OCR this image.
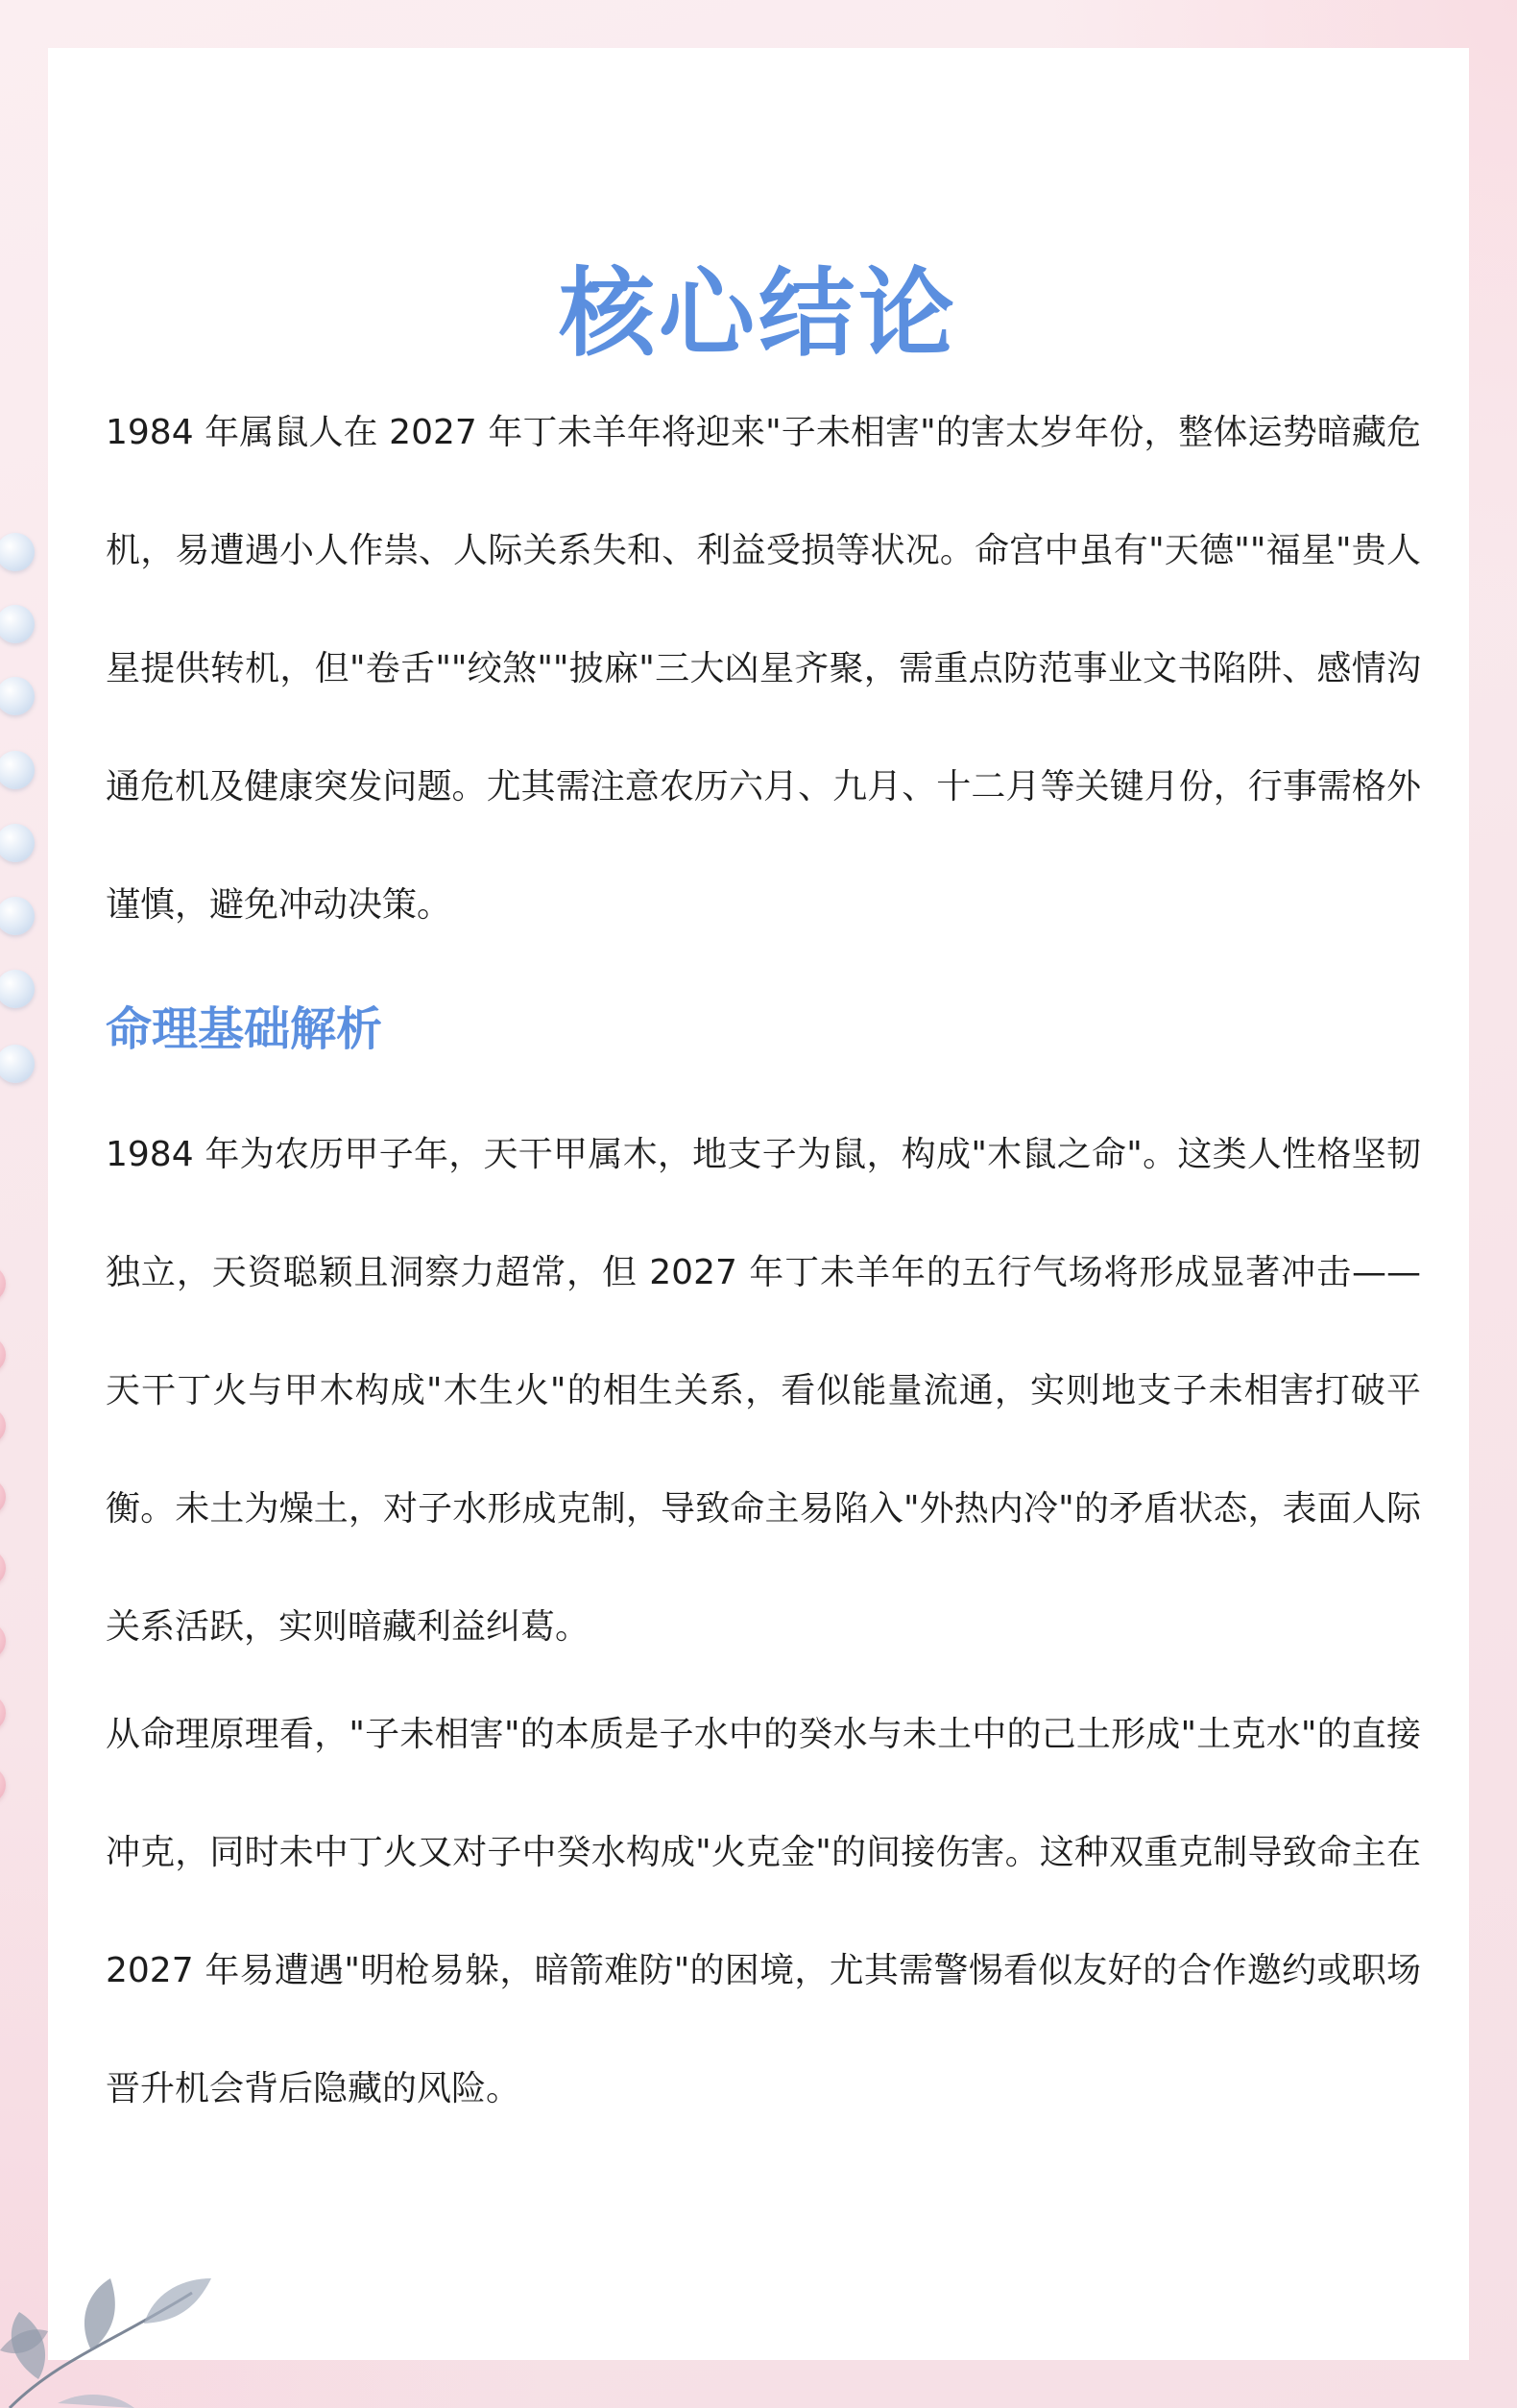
核心结论

1984 年属鼠人在 2027 年丁未羊年将迎来"子未相害"的害太岁年份，整体运势暗藏危机，易遭遇小人作祟、人际关系失和、利益受损等状况。命宫中虽有"天德""福星"贵人星提供转机，但"卷舌""绞煞""披麻"三大凶星齐聚，需重点防范事业文书陷阱、感情沟通危机及健康突发问题。尤其需注意农历六月、九月、十二月等关键月份，行事需格外谨慎，避免冲动决策。

命理基础解析

1984 年为农历甲子年，天干甲属木，地支子为鼠，构成"木鼠之命"。这类人性格坚韧独立，天资聪颖且洞察力超常，但 2027 年丁未羊年的五行气场将形成显著冲击——天干丁火与甲木构成"木生火"的相生关系，看似能量流通，实则地支子未相害打破平衡。未土为燥土，对子水形成克制，导致命主易陷入"外热内冷"的矛盾状态，表面人际关系活跃，实则暗藏利益纠葛。

从命理原理看，"子未相害"的本质是子水中的癸水与未土中的己土形成"土克水"的直接冲克，同时未中丁火又对子中癸水构成"火克金"的间接伤害。这种双重克制导致命主在 2027 年易遭遇"明枪易躲，暗箭难防"的困境，尤其需警惕看似友好的合作邀约或职场晋升机会背后隐藏的风险。
